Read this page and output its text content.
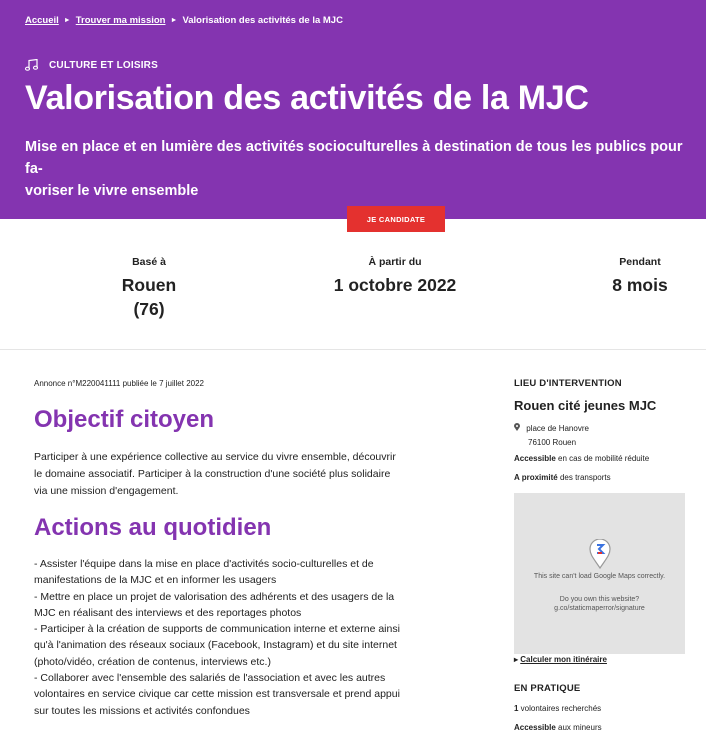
Accueil ► Trouver ma mission ► Valorisation des activités de la MJC
CULTURE ET LOISIRS
Valorisation des activités de la MJC

Mise en place et en lumière des activités socioculturelles à destination de tous les publics pour fa-
voriser le vivre ensemble

JE CANDIDATE
Basé à
Rouen
(76)
À partir du
1 octobre 2022
Pendant
8 mois
Annonce n°M220041111 publiée le 7 juillet 2022
Objectif citoyen

Participer à une expérience collective au service du vivre ensemble, découvrir le domaine associatif. Participer à la construction d'une société plus solidaire via une mission d'engagement.

Actions au quotidien
- Assister l'équipe dans la mise en place d'activités socio-culturelles et de manifestations de la MJC et en informer les usagers
- Mettre en place un projet de valorisation des adhérents et des usagers de la MJC en réalisant des interviews et des reportages photos
- Participer à la création de supports de communication interne et externe ainsi qu'à l'animation des réseaux sociaux (Facebook, Instagram) et du site internet (photo/vidéo, création de contenus, interviews etc.)
- Collaborer avec l'ensemble des salariés de l'association et avec les autres volontaires en service civique car cette mission est transversale et prend appui sur toutes les missions et activités confondues
LIEU D'INTERVENTION
Rouen cité jeunes MJC
place de Hanovre
76100 Rouen
Accessible en cas de mobilité réduite
A proximité des transports
This site can't load Google Maps correctly.
Do you own this website?
g.co/staticmaperror/signature
▸ Calculer mon itinéraire
EN PRATIQUE
1 volontaires recherchés
Accessible aux mineurs
